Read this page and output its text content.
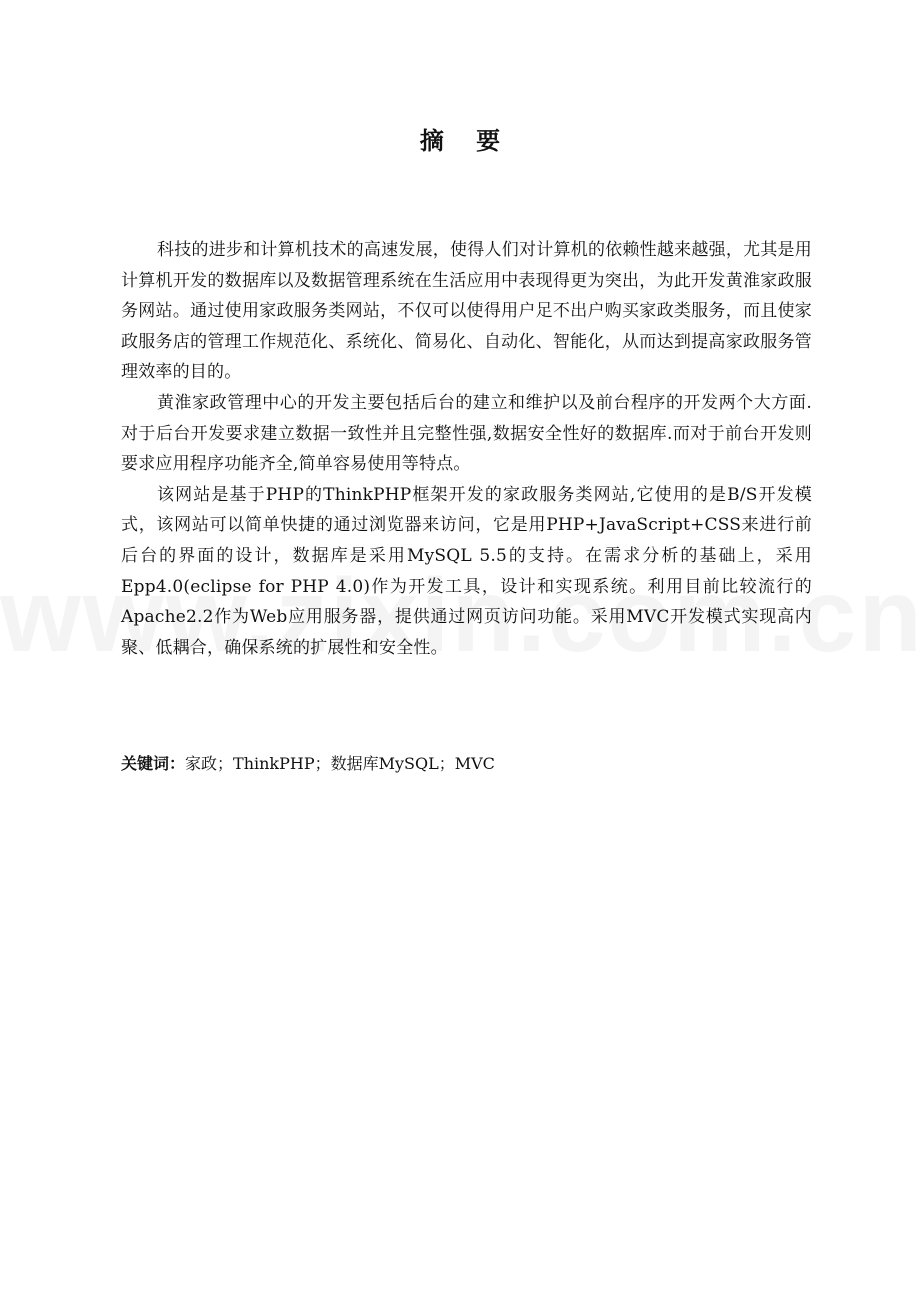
摘 要

科技的进步和计算机技术的高速发展，使得人们对计算机的依赖性越来越强，尤其是用计算机开发的数据库以及数据管理系统在生活应用中表现得更为突出，为此开发黄淮家政服务网站。通过使用家政服务类网站，不仅可以使得用户足不出户购买家政类服务，而且使家政服务店的管理工作规范化、系统化、简易化、自动化、智能化，从而达到提高家政服务管理效率的目的。

黄淮家政管理中心的开发主要包括后台的建立和维护以及前台程序的开发两个大方面.对于后台开发要求建立数据一致性并且完整性强,数据安全性好的数据库.而对于前台开发则要求应用程序功能齐全,简单容易使用等特点。

该网站是基于PHP的ThinkPHP框架开发的家政服务类网站,它使用的是B/S开发模式，该网站可以简单快捷的通过浏览器来访问，它是用PHP+JavaScript+CSS来进行前后台的界面的设计，数据库是采用MySQL 5.5的支持。在需求分析的基础上，采用Epp4.0(eclipse for PHP 4.0)作为开发工具，设计和实现系统。利用目前比较流行的Apache2.2作为Web应用服务器，提供通过网页访问功能。采用MVC开发模式实现高内聚、低耦合，确保系统的扩展性和安全性。

关键词：家政；ThinkPHP；数据库MySQL；MVC
